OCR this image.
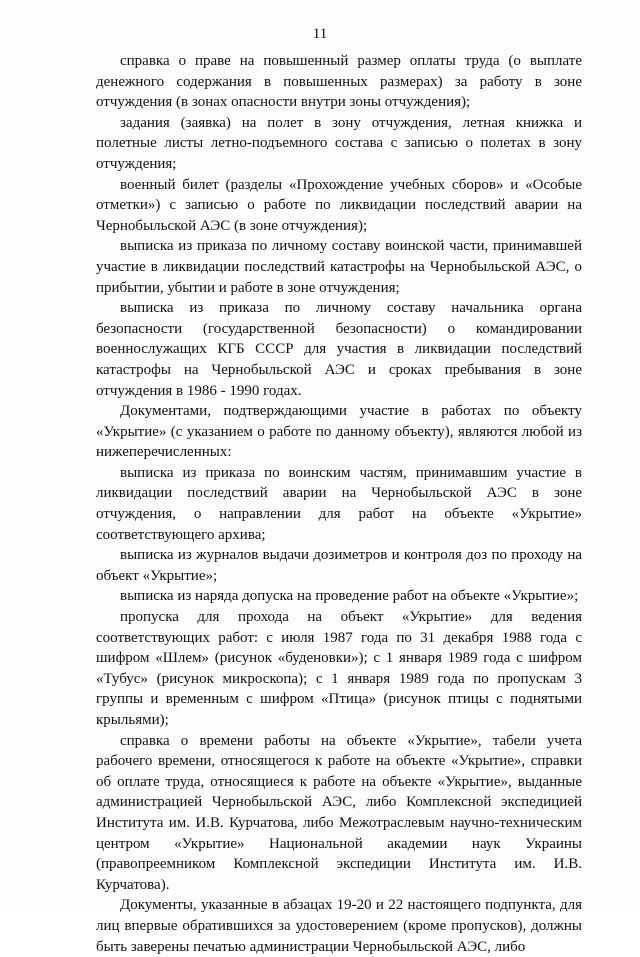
11

справка о праве на повышенный размер оплаты труда (о выплате денежного содержания в повышенных размерах) за работу в зоне отчуждения (в зонах опасности внутри зоны отчуждения);

задания (заявка) на полет в зону отчуждения, летная книжка и полетные листы летно-подъемного состава с записью о полетах в зону отчуждения;

военный билет (разделы «Прохождение учебных сборов» и «Особые отметки») с записью о работе по ликвидации последствий аварии на Чернобыльской АЭС (в зоне отчуждения);

выписка из приказа по личному составу воинской части, принимавшей участие в ликвидации последствий катастрофы на Чернобыльской АЭС, о прибытии, убытии и работе в зоне отчуждения;

выписка из приказа по личному составу начальника органа безопасности (государственной безопасности) о командировании военнослужащих КГБ СССР для участия в ликвидации последствий катастрофы на Чернобыльской АЭС и сроках пребывания в зоне отчуждения в 1986 - 1990 годах.

Документами, подтверждающими участие в работах по объекту «Укрытие» (с указанием о работе по данному объекту), являются любой из нижеперечисленных:

выписка из приказа по воинским частям, принимавшим участие в ликвидации последствий аварии на Чернобыльской АЭС в зоне отчуждения, о направлении для работ на объекте «Укрытие» соответствующего архива;

выписка из журналов выдачи дозиметров и контроля доз по проходу на объект «Укрытие»;

выписка из наряда допуска на проведение работ на объекте «Укрытие»;

пропуска для прохода на объект «Укрытие» для ведения соответствующих работ: с июля 1987 года по 31 декабря 1988 года с шифром «Шлем» (рисунок «буденовки»); с 1 января 1989 года с шифром «Тубус» (рисунок микроскопа); с 1 января 1989 года по пропускам 3 группы и временным с шифром «Птица» (рисунок птицы с поднятыми крыльями);

справка о времени работы на объекте «Укрытие», табели учета рабочего времени, относящегося к работе на объекте «Укрытие», справки об оплате труда, относящиеся к работе на объекте «Укрытие», выданные администрацией Чернобыльской АЭС, либо Комплексной экспедицией Института им. И.В. Курчатова, либо Межотраслевым научно-техническим центром «Укрытие» Национальной академии наук Украины (правопреемником Комплексной экспедиции Института им. И.В. Курчатова).

Документы, указанные в абзацах 19-20 и 22 настоящего подпункта, для лиц впервые обратившихся за удостоверением (кроме пропусков), должны быть заверены печатью администрации Чернобыльской АЭС, либо
